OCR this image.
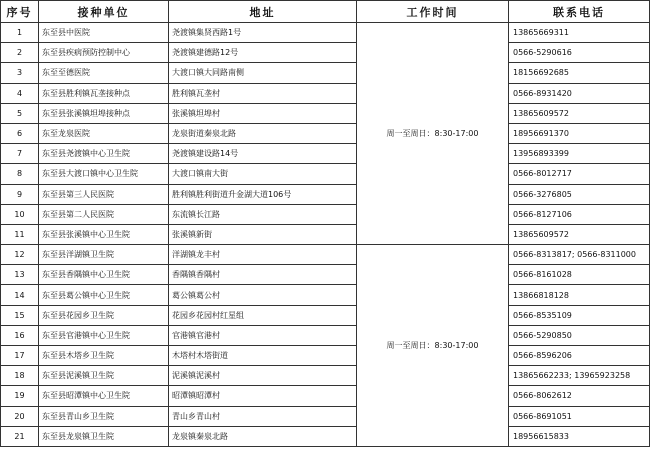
序号	接种单位	地址	工作时间	联系电话
1	东至县中医院	尧渡镇集贤西路1号	周一至周日：8:30-17:00	13865669311
2	东至县疾病预防控制中心	尧渡镇建德路12号		0566-5290616
3	东至至德医院	大渡口镇大同路南侧		18156692685
4	东至县胜利镇瓦垄接种点	胜利镇瓦垄村		0566-8931420
5	东至县张溪镇坦埠接种点	张溪镇坦埠村		13865609572
6	东至龙泉医院	龙泉街道秦泉北路		18956691370
7	东至县尧渡镇中心卫生院	尧渡镇建设路14号		13956893399
8	东至县大渡口镇中心卫生院	大渡口镇南大街		0566-8012717
9	东至县第三人民医院	胜利镇胜利街道升金湖大道106号		0566-3276805
10	东至县第二人民医院	东流镇长江路		0566-8127106
11	东至县张溪镇中心卫生院	张溪镇新街		13865609572
12	东至县洋湖镇卫生院	洋湖镇龙丰村	周一至周日：8:30-17:00	0566-8313817; 0566-8311000
13	东至县香隅镇中心卫生院	香隅镇香隅村		0566-8161028
14	东至县葛公镇中心卫生院	葛公镇葛公村		13866818128
15	东至县花园乡卫生院	花园乡花园村红星组		0566-8535109
16	东至县官港镇中心卫生院	官港镇官港村		0566-5290850
17	东至县木塔乡卫生院	木塔村木塔街道		0566-8596206
18	东至县泥溪镇卫生院	泥溪镇泥溪村		13865662233; 13965923258
19	东至县昭潭镇中心卫生院	昭潭镇昭潭村		0566-8062612
20	东至县青山乡卫生院	青山乡青山村		0566-8691051
21	东至县龙泉镇卫生院	龙泉镇秦泉北路		18956615833
